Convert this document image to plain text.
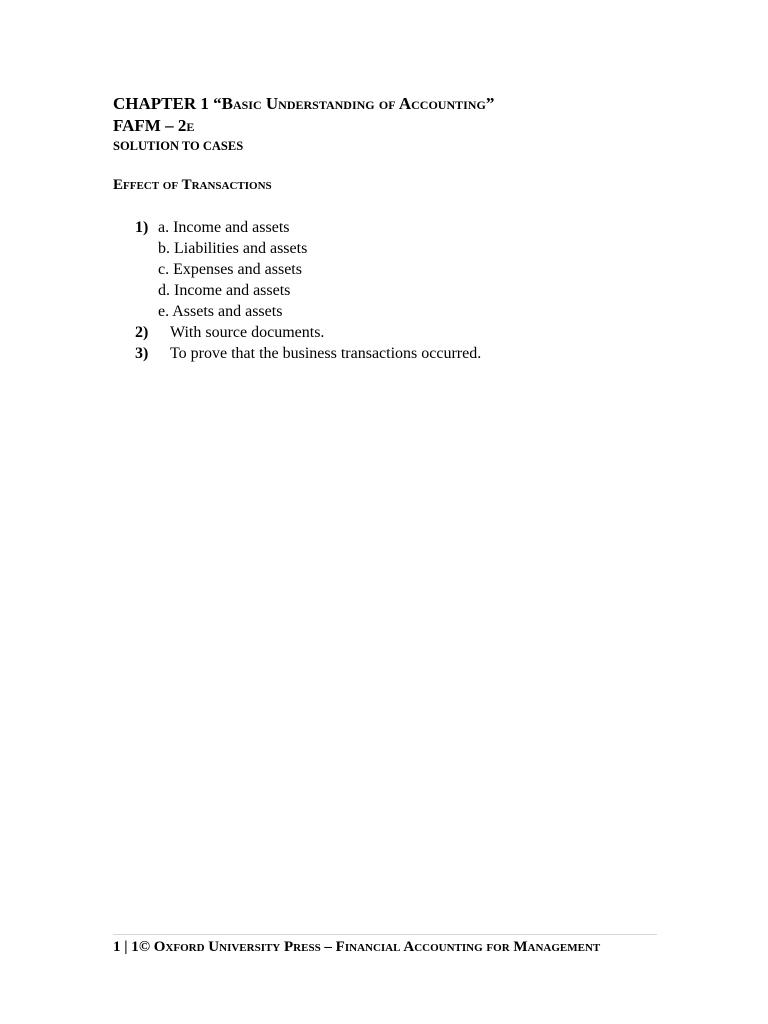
CHAPTER 1 “Basic Understanding of Accounting”
FAFM – 2e
SOLUTION TO CASES
Effect of Transactions
1) a. Income and assets
b. Liabilities and assets
c. Expenses and assets
d. Income and assets
e. Assets and assets
2) With source documents.
3) To prove that the business transactions occurred.
1 | 1© Oxford University Press – Financial Accounting for Management
